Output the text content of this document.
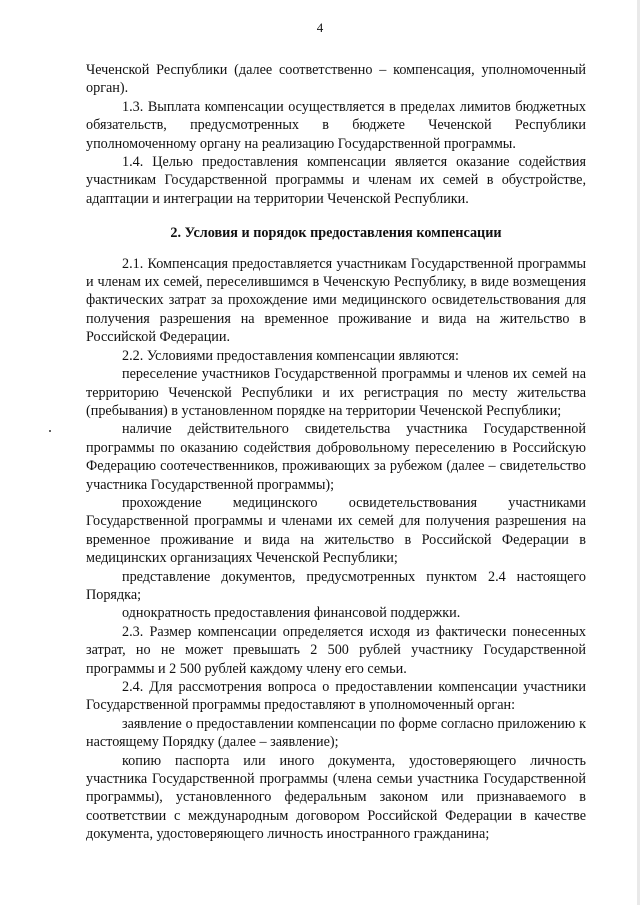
4

Чеченской Республики (далее соответственно – компенсация, уполномоченный орган).

1.3. Выплата компенсации осуществляется в пределах лимитов бюджетных обязательств, предусмотренных в бюджете Чеченской Республики уполномоченному органу на реализацию Государственной программы.

1.4. Целью предоставления компенсации является оказание содействия участникам Государственной программы и членам их семей в обустройстве, адаптации и интеграции на территории Чеченской Республики.

2. Условия и порядок предоставления компенсации

2.1. Компенсация предоставляется участникам Государственной программы и членам их семей, переселившимся в Чеченскую Республику, в виде возмещения фактических затрат за прохождение ими медицинского освидетельствования для получения разрешения на временное проживание и вида на жительство в Российской Федерации.

2.2. Условиями предоставления компенсации являются:

переселение участников Государственной программы и членов их семей на территорию Чеченской Республики и их регистрация по месту жительства (пребывания) в установленном порядке на территории Чеченской Республики;

наличие действительного свидетельства участника Государственной программы по оказанию содействия добровольному переселению в Российскую Федерацию соотечественников, проживающих за рубежом (далее – свидетельство участника Государственной программы);

прохождение медицинского освидетельствования участниками Государственной программы и членами их семей для получения разрешения на временное проживание и вида на жительство в Российской Федерации в медицинских организациях Чеченской Республики;

представление документов, предусмотренных пунктом 2.4 настоящего Порядка;

однократность предоставления финансовой поддержки.

2.3. Размер компенсации определяется исходя из фактически понесенных затрат, но не может превышать 2 500 рублей участнику Государственной программы и 2 500 рублей каждому члену его семьи.

2.4. Для рассмотрения вопроса о предоставлении компенсации участники Государственной программы предоставляют в уполномоченный орган:

заявление о предоставлении компенсации по форме согласно приложению к настоящему Порядку (далее – заявление);

копию паспорта или иного документа, удостоверяющего личность участника Государственной программы (члена семьи участника Государственной программы), установленного федеральным законом или признаваемого в соответствии с международным договором Российской Федерации в качестве документа, удостоверяющего личность иностранного гражданина;
